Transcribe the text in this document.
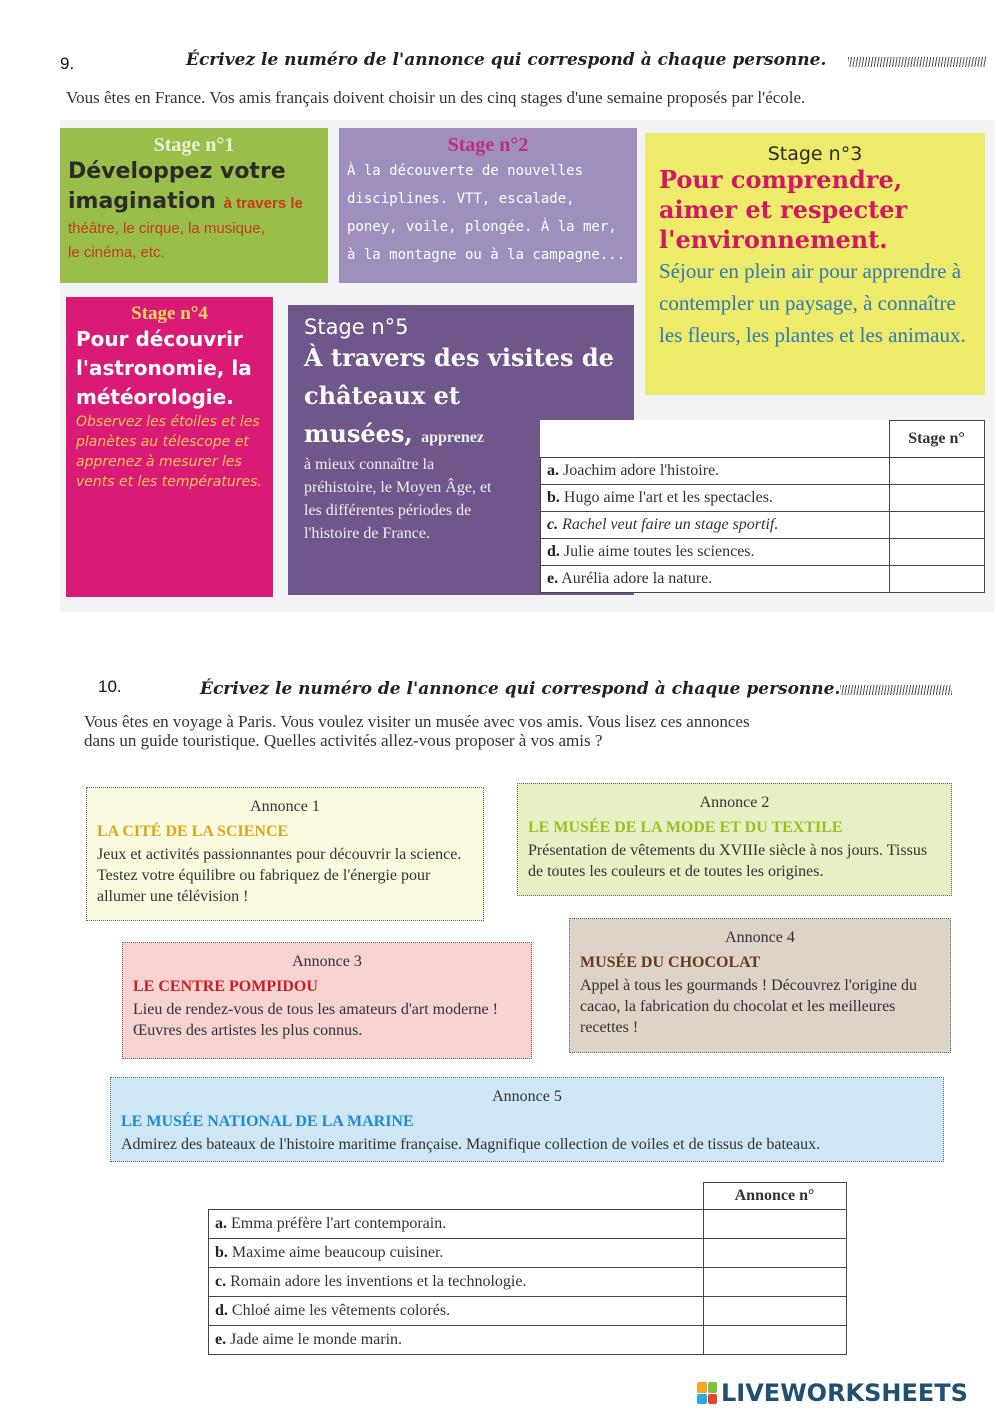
9.	Écrivez le numéro de l'annonce qui correspond à chaque personne.
Vous êtes en France. Vos amis français doivent choisir un des cinq stages d'une semaine proposés par l'école.
Stage n°1
Développez votre
imagination à travers le
théâtre, le cirque, la musique,
le cinéma, etc.
Stage n°2
À la découverte de nouvelles disciplines. VTT, escalade, poney, voile, plongée. À la mer, à la montagne ou à la campagne...
Stage n°3
Pour comprendre, aimer et respecter l'environnement.
Séjour en plein air pour apprendre à contempler un paysage, à connaître les fleurs, les plantes et les animaux.
Stage n°4
Pour découvrir l'astronomie, la météorologie.
Observez les étoiles et les planètes au télescope et apprenez à mesurer les vents et les températures.
Stage n°5
À travers des visites de châteaux et
musées, apprenez
à mieux connaître la préhistoire, le Moyen Âge, et les différentes périodes de l'histoire de France.
	Stage n°
a. Joachim adore l'histoire.	
b. Hugo aime l'art et les spectacles.	
c. Rachel veut faire un stage sportif.	
d. Julie aime toutes les sciences.	
e. Aurélia adore la nature.	
10.	Écrivez le numéro de l'annonce qui correspond à chaque personne.
Vous êtes en voyage à Paris. Vous voulez visiter un musée avec vos amis. Vous lisez ces annonces
dans un guide touristique. Quelles activités allez-vous proposer à vos amis ?
Annonce 1
LA CITÉ DE LA SCIENCE
Jeux et activités passionnantes pour découvrir la science. Testez votre équilibre ou fabriquez de l'énergie pour allumer une télévision !
Annonce 2
LE MUSÉE DE LA MODE ET DU TEXTILE
Présentation de vêtements du XVIIIe siècle à nos jours. Tissus de toutes les couleurs et de toutes les origines.
Annonce 3
LE CENTRE POMPIDOU
Lieu de rendez-vous de tous les amateurs d'art moderne ! Œuvres des artistes les plus connus.
Annonce 4
MUSÉE DU CHOCOLAT
Appel à tous les gourmands ! Découvrez l'origine du cacao, la fabrication du chocolat et les meilleures recettes !
Annonce 5
LE MUSÉE NATIONAL DE LA MARINE
Admirez des bateaux de l'histoire maritime française. Magnifique collection de voiles et de tissus de bateaux.
	Annonce n°
a. Emma préfère l'art contemporain.	
b. Maxime aime beaucoup cuisiner.	
c. Romain adore les inventions et la technologie.	
d. Chloé aime les vêtements colorés.	
e. Jade aime le monde marin.	
LIVEWORKSHEETS
